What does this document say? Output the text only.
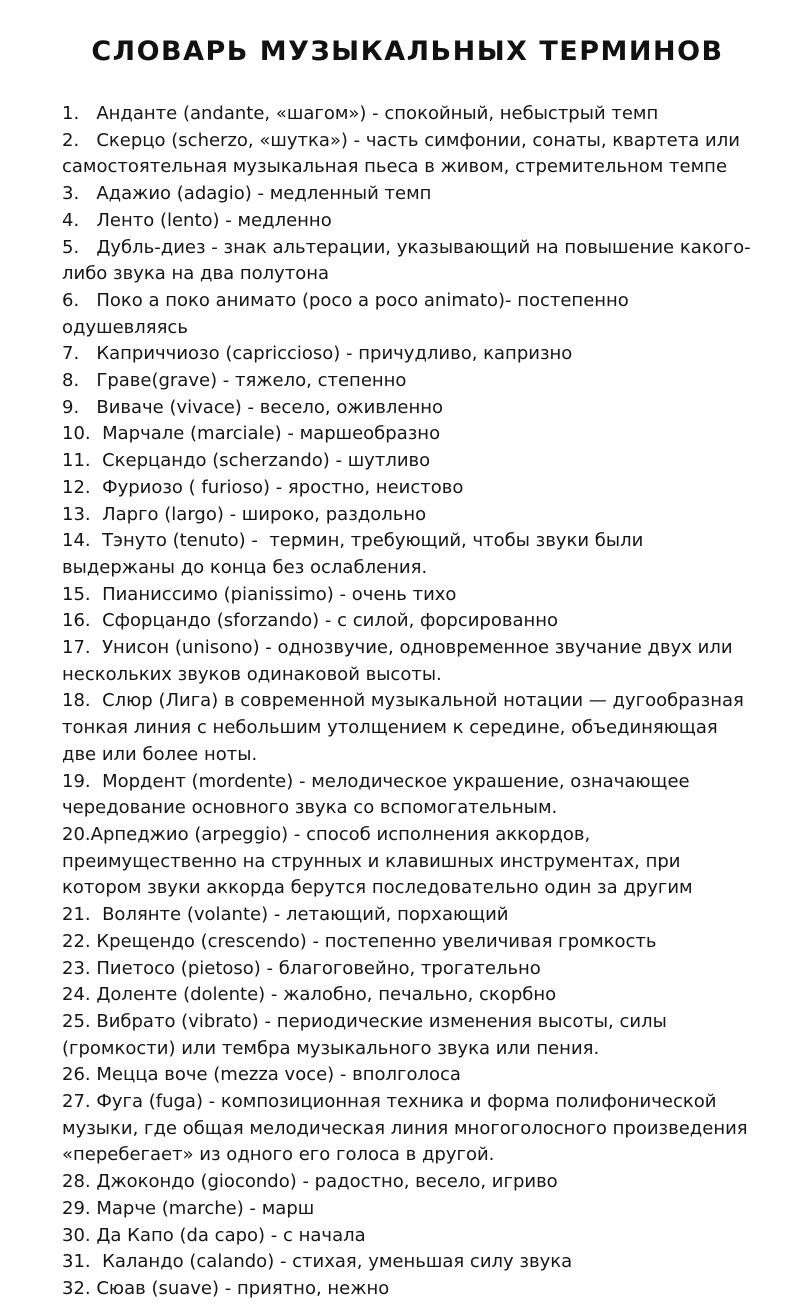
СЛОВАРЬ МУЗЫКАЛЬНЫХ ТЕРМИНОВ

1.   Анданте (andante, «шагом») - спокойный, небыстрый темп

2.   Скерцо (scherzo, «шутка») - часть симфонии, сонаты, квартета или самостоятельная музыкальная пьеса в живом, стремительном темпе

3.   Адажио (adagio) - медленный темп

4.   Ленто (lento) - медленно

5.   Дубль-диез - знак альтерации, указывающий на повышение какого-либо звука на два полутона

6.   Поко а поко анимато (poco a poco animato)- постепенно одушевляясь

7.   Каприччиозо (capriccioso) - причудливо, капризно

8.   Граве(grave) - тяжело, степенно

9.   Виваче (vivace) - весело, оживленно

10.  Марчале (marciale) - маршеобразно

11.  Скерцандо (scherzando) - шутливо

12.  Фуриозо ( furioso) - яростно, неистово

13.  Ларго (largo) - широко, раздольно

14.  Тэнуто (tenuto) -  термин, требующий, чтобы звуки были выдержаны до конца без ослабления.

15.  Пианиссимо (pianissimo) - очень тихо

16.  Сфорцандо (sforzando) - с силой, форсированно

17.  Унисон (unisono) - однозвучие, одновременное звучание двух или нескольких звуков одинаковой высоты.

18.  Слюр (Лига) в современной музыкальной нотации — дугообразная тонкая линия с небольшим утолщением к середине, объединяющая две или более ноты.

19.  Мордент (mordente) - мелодическое украшение, означающее чередование основного звука со вспомогательным.

20.Арпеджио (arpeggio) - способ исполнения аккордов, преимущественно на струнных и клавишных инструментах, при котором звуки аккорда берутся последовательно один за другим

21.  Волянте (volante) - летающий, порхающий

22. Крещендо (crescendo) - постепенно увеличивая громкость

23. Пиетосо (pietoso) - благоговейно, трогательно

24. Доленте (dolente) - жалобно, печально, скорбно

25. Вибрато (vibrato) - периодические изменения высоты, силы (громкости) или тембра музыкального звука или пения.

26. Мецца воче (mezza voce) - вполголоса

27. Фуга (fuga) - композиционная техника и форма полифонической музыки, где общая мелодическая линия многоголосного произведения «перебегает» из одного его голоса в другой.

28. Джокондо (giocondo) - радостно, весело, игриво

29. Марче (marche) - марш

30. Да Капо (da capo) - с начала

31.  Каландо (calando) - стихая, уменьшая силу звука

32. Сюав (suave) - приятно, нежно
